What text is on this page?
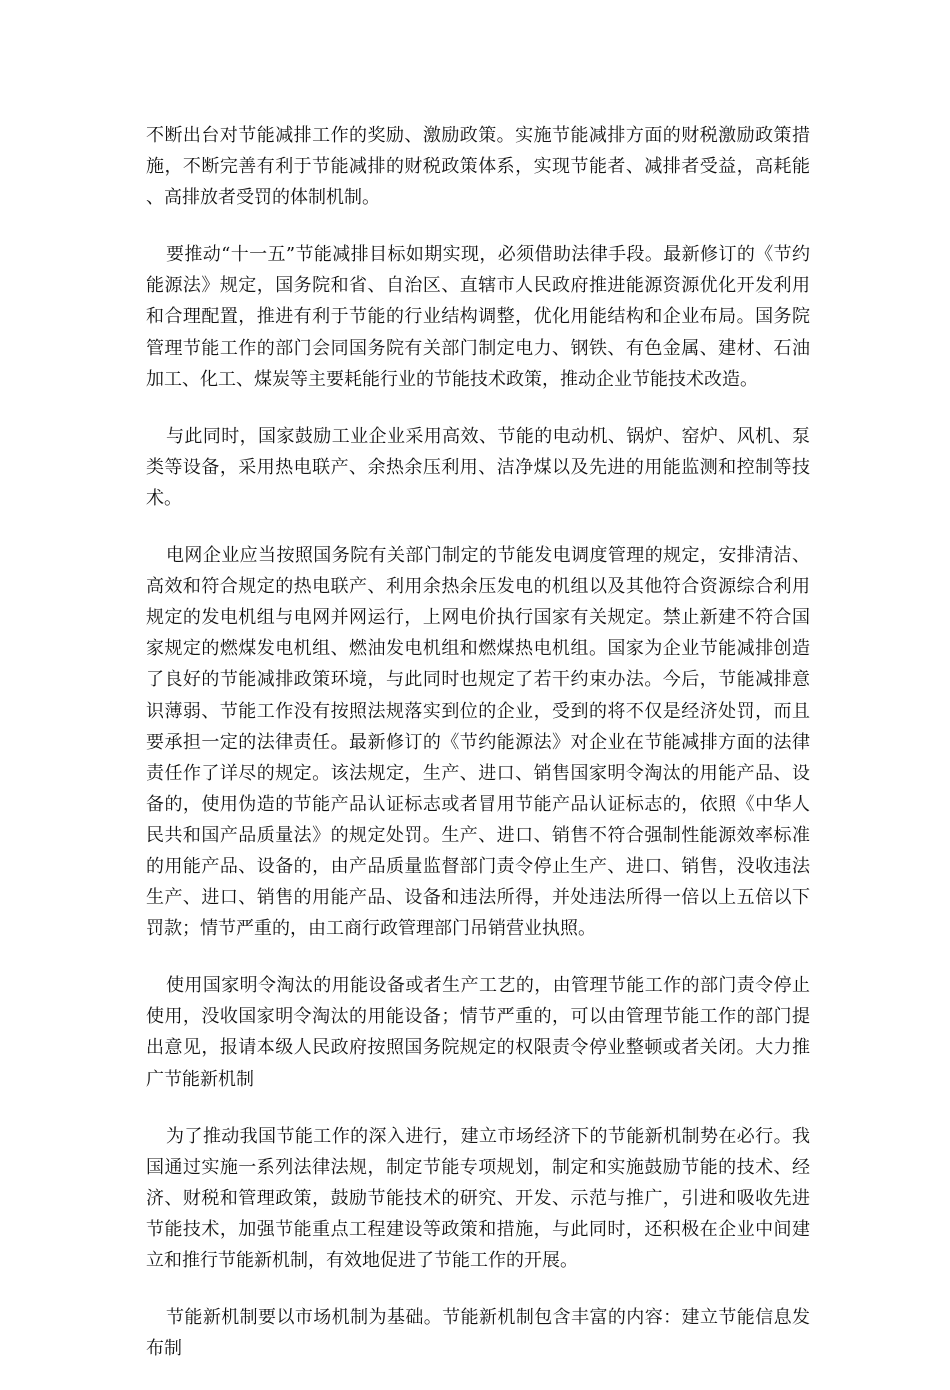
不断出台对节能减排工作的奖励、激励政策。实施节能减排方面的财税激励政策措施，不断完善有利于节能减排的财税政策体系，实现节能者、减排者受益，高耗能、高排放者受罚的体制机制。

要推动“十一五”节能减排目标如期实现，必须借助法律手段。最新修订的《节约能源法》规定，国务院和省、自治区、直辖市人民政府推进能源资源优化开发利用和合理配置，推进有利于节能的行业结构调整，优化用能结构和企业布局。国务院管理节能工作的部门会同国务院有关部门制定电力、钢铁、有色金属、建材、石油加工、化工、煤炭等主要耗能行业的节能技术政策，推动企业节能技术改造。

与此同时，国家鼓励工业企业采用高效、节能的电动机、锅炉、窑炉、风机、泵类等设备，采用热电联产、余热余压利用、洁净煤以及先进的用能监测和控制等技术。

电网企业应当按照国务院有关部门制定的节能发电调度管理的规定，安排清洁、高效和符合规定的热电联产、利用余热余压发电的机组以及其他符合资源综合利用规定的发电机组与电网并网运行，上网电价执行国家有关规定。禁止新建不符合国家规定的燃煤发电机组、燃油发电机组和燃煤热电机组。国家为企业节能减排创造了良好的节能减排政策环境，与此同时也规定了若干约束办法。今后，节能减排意识薄弱、节能工作没有按照法规落实到位的企业，受到的将不仅是经济处罚，而且要承担一定的法律责任。最新修订的《节约能源法》对企业在节能减排方面的法律责任作了详尽的规定。该法规定，生产、进口、销售国家明令淘汰的用能产品、设备的，使用伪造的节能产品认证标志或者冒用节能产品认证标志的，依照《中华人民共和国产品质量法》的规定处罚。生产、进口、销售不符合强制性能源效率标准的用能产品、设备的，由产品质量监督部门责令停止生产、进口、销售，没收违法生产、进口、销售的用能产品、设备和违法所得，并处违法所得一倍以上五倍以下罚款；情节严重的，由工商行政管理部门吊销营业执照。

使用国家明令淘汰的用能设备或者生产工艺的，由管理节能工作的部门责令停止使用，没收国家明令淘汰的用能设备；情节严重的，可以由管理节能工作的部门提出意见，报请本级人民政府按照国务院规定的权限责令停业整顿或者关闭。大力推广节能新机制

为了推动我国节能工作的深入进行，建立市场经济下的节能新机制势在必行。我国通过实施一系列法律法规，制定节能专项规划，制定和实施鼓励节能的技术、经济、财税和管理政策，鼓励节能技术的研究、开发、示范与推广，引进和吸收先进节能技术，加强节能重点工程建设等政策和措施，与此同时，还积极在企业中间建立和推行节能新机制，有效地促进了节能工作的开展。

节能新机制要以市场机制为基础。节能新机制包含丰富的内容：建立节能信息发布制
